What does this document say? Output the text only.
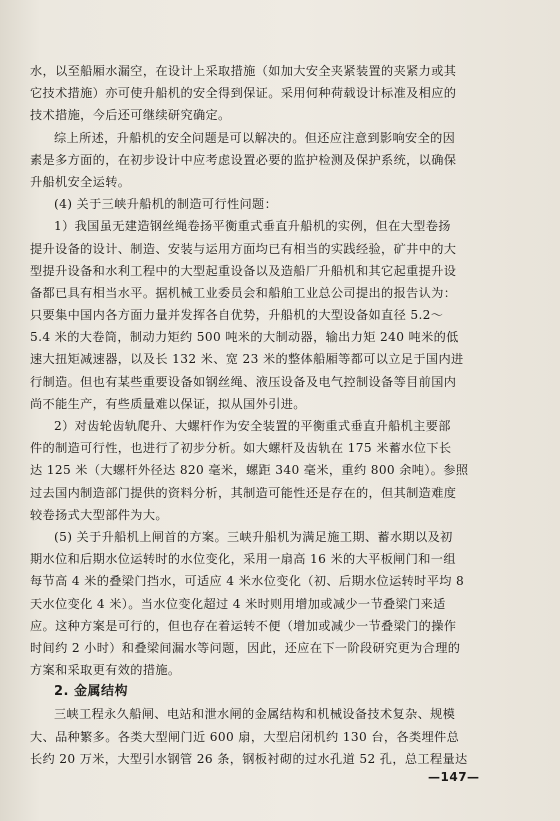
水，以至船厢水漏空，在设计上采取措施（如加大安全夹紧装置的夹紧力或其
它技术措施）亦可使升船机的安全得到保证。采用何种荷载设计标准及相应的
技术措施，今后还可继续研究确定。
综上所述，升船机的安全问题是可以解决的。但还应注意到影响安全的因
素是多方面的，在初步设计中应考虑设置必要的监护检测及保护系统，以确保
升船机安全运转。
(4) 关于三峡升船机的制造可行性问题：
1）我国虽无建造钢丝绳卷扬平衡重式垂直升船机的实例，但在大型卷扬
提升设备的设计、制造、安装与运用方面均已有相当的实践经验，矿井中的大
型提升设备和水利工程中的大型起重设备以及造船厂升船机和其它起重提升设
备都已具有相当水平。据机械工业委员会和船舶工业总公司提出的报告认为：
只要集中国内各方面力量并发挥各自优势，升船机的大型设备如直径 5.2～
5.4 米的大卷筒，制动力矩约 500 吨米的大制动器，输出力矩 240 吨米的低
速大扭矩减速器，以及长 132 米、宽 23 米的整体船厢等都可以立足于国内进
行制造。但也有某些重要设备如钢丝绳、液压设备及电气控制设备等目前国内
尚不能生产，有些质量难以保证，拟从国外引进。
2）对齿轮齿轨爬升、大螺杆作为安全装置的平衡重式垂直升船机主要部
件的制造可行性，也进行了初步分析。如大螺杆及齿轨在 175 米蓄水位下长
达 125 米（大螺杆外径达 820 毫米，螺距 340 毫米，重约 800 余吨）。参照
过去国内制造部门提供的资料分析，其制造可能性还是存在的，但其制造难度
较卷扬式大型部件为大。
(5) 关于升船机上闸首的方案。三峡升船机为满足施工期、蓄水期以及初
期水位和后期水位运转时的水位变化，采用一扇高 16 米的大平板闸门和一组
每节高 4 米的叠梁门挡水，可适应 4 米水位变化（初、后期水位运转时平均 8
天水位变化 4 米）。当水位变化超过 4 米时则用增加或减少一节叠梁门来适
应。这种方案是可行的，但也存在着运转不便（增加或减少一节叠梁门的操作
时间约 2 小时）和叠梁间漏水等问题，因此，还应在下一阶段研究更为合理的
方案和采取更有效的措施。
2. 金属结构
三峡工程永久船闸、电站和泄水闸的金属结构和机械设备技术复杂、规模
大、品种繁多。各类大型闸门近 600 扇，大型启闭机约 130 台，各类埋件总
长约 20 万米，大型引水钢管 26 条，钢板衬砌的过水孔道 52 孔，总工程量达
—147—
